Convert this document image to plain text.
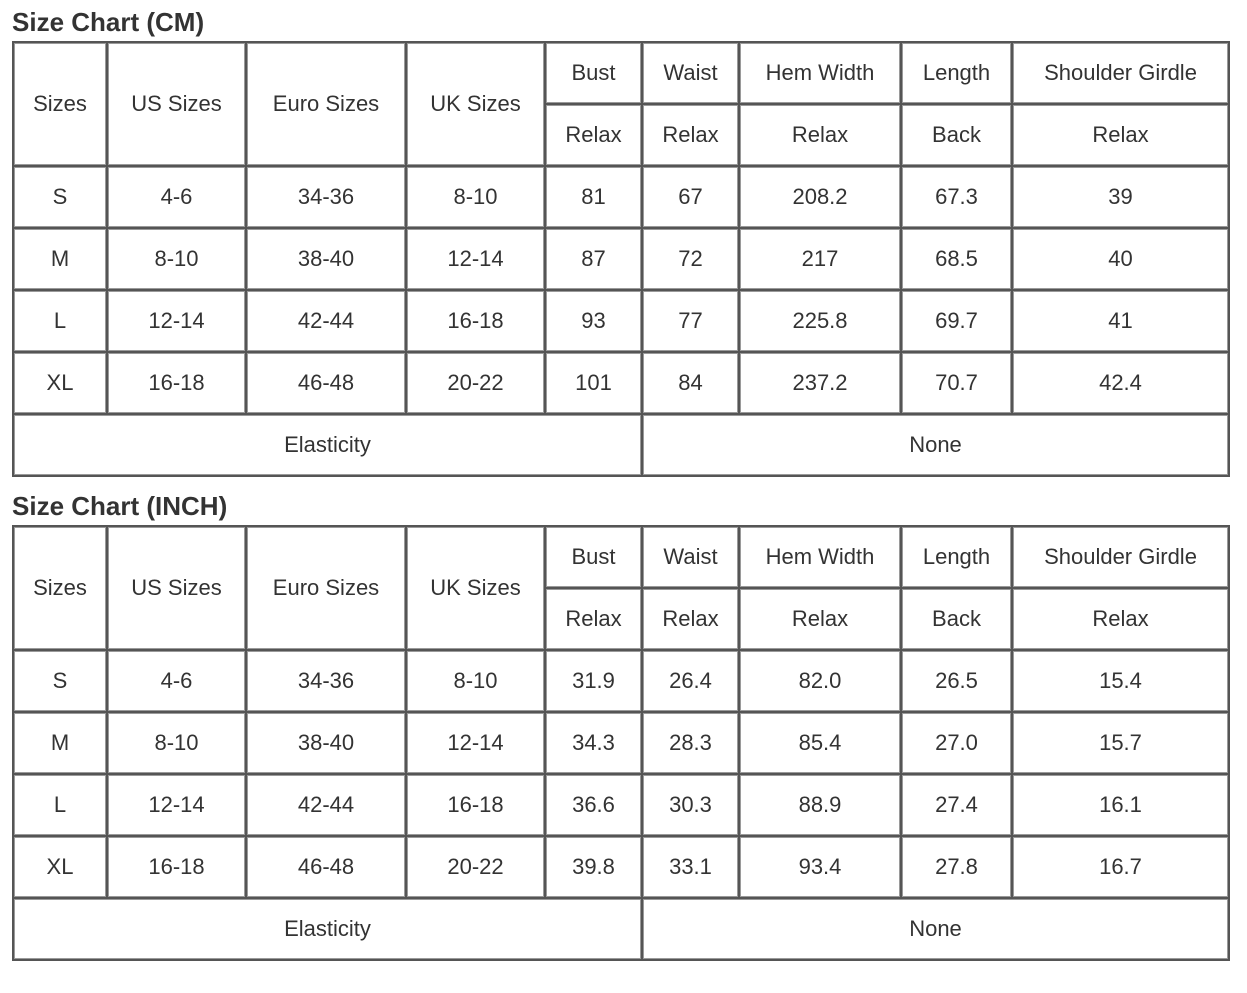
Size Chart (CM)
Sizes	US Sizes	Euro Sizes	UK Sizes	Bust	Waist	Hem Width	Length	Shoulder Girdle
				Relax	Relax	Relax	Back	Relax
S	4-6	34-36	8-10	81	67	208.2	67.3	39
M	8-10	38-40	12-14	87	72	217	68.5	40
L	12-14	42-44	16-18	93	77	225.8	69.7	41
XL	16-18	46-48	20-22	101	84	237.2	70.7	42.4
Elasticity					None			
Size Chart (INCH)
Sizes	US Sizes	Euro Sizes	UK Sizes	Bust	Waist	Hem Width	Length	Shoulder Girdle
				Relax	Relax	Relax	Back	Relax
S	4-6	34-36	8-10	31.9	26.4	82.0	26.5	15.4
M	8-10	38-40	12-14	34.3	28.3	85.4	27.0	15.7
L	12-14	42-44	16-18	36.6	30.3	88.9	27.4	16.1
XL	16-18	46-48	20-22	39.8	33.1	93.4	27.8	16.7
Elasticity					None			
